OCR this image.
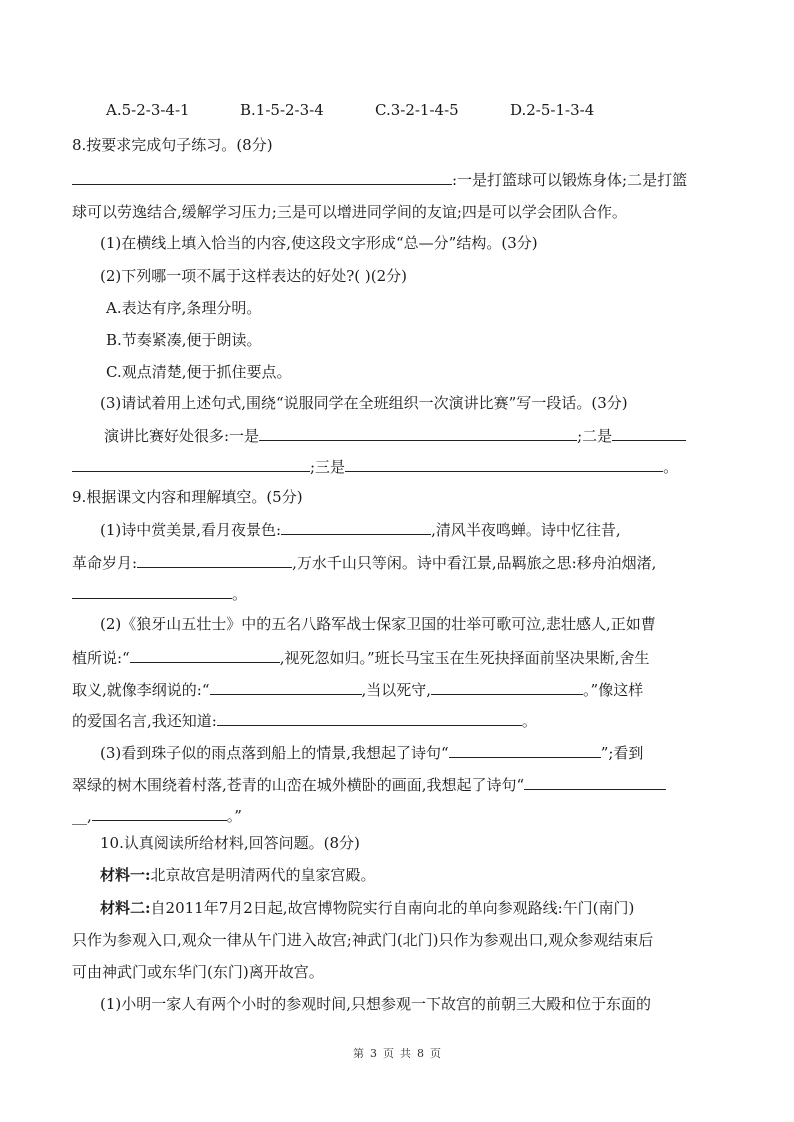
A.5-2-3-4-1	B.1-5-2-3-4	C.3-2-1-4-5	D.2-5-1-3-4
8.按要求完成句子练习。(8分)
:一是打篮球可以锻炼身体;二是打篮
球可以劳逸结合,缓解学习压力;三是可以增进同学间的友谊;四是可以学会团队合作。
(1)在横线上填入恰当的内容,使这段文字形成“总—分”结构。(3分)
(2)下列哪一项不属于这样表达的好处?( )(2分)
A.表达有序,条理分明。
B.节奏紧凑,便于朗读。
C.观点清楚,便于抓住要点。
(3)请试着用上述句式,围绕“说服同学在全班组织一次演讲比赛”写一段话。(3分)
演讲比赛好处很多:一是	;二是
;三是	。
9.根据课文内容和理解填空。(5分)
(1)诗中赏美景,看月夜景色:	,清风半夜鸣蝉。诗中忆往昔,
革命岁月:	,万水千山只等闲。诗中看江景,品羁旅之思:移舟泊烟渚,
。
(2)《狼牙山五壮士》中的五名八路军战士保家卫国的壮举可歌可泣,悲壮感人,正如曹
植所说:“	,视死忽如归。”班长马宝玉在生死抉择面前坚决果断,舍生
取义,就像李纲说的:“	,当以死守,	。”像这样
的爱国名言,我还知道:	。
(3)看到珠子似的雨点落到船上的情景,我想起了诗句“	”;看到
翠绿的树木围绕着村落,苍青的山峦在城外横卧的画面,我想起了诗句“
__,	。”
10.认真阅读所给材料,回答问题。(8分)
材料一:北京故宫是明清两代的皇家宫殿。
材料二:自2011年7月2日起,故宫博物院实行自南向北的单向参观路线:午门(南门)
只作为参观入口,观众一律从午门进入故宫;神武门(北门)只作为参观出口,观众参观结束后
可由神武门或东华门(东门)离开故宫。
(1)小明一家人有两个小时的参观时间,只想参观一下故宫的前朝三大殿和位于东面的
第 3 页 共 8 页
